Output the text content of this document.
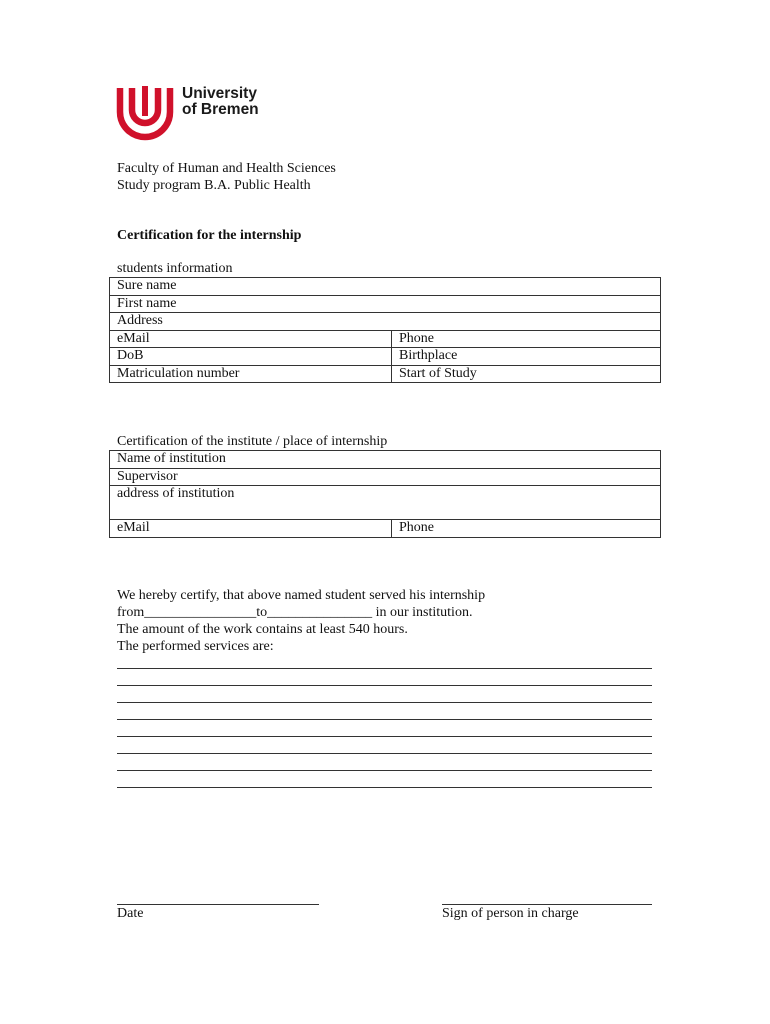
University
of Bremen
Faculty of Human and Health Sciences
Study program B.A. Public Health
Certification for the internship
students information
Sure name	
First name	
Address	
eMail	Phone
DoB	Birthplace
Matriculation number	Start of Study
Certification of the institute / place of internship
Name of institution
Supervisor
address of institution
eMail	Phone
We hereby certify, that above named student served his internship
from________________to_______________ in our institution.
The amount of the work contains at least 540 hours.
The performed services are:
Date	Sign of person in charge
